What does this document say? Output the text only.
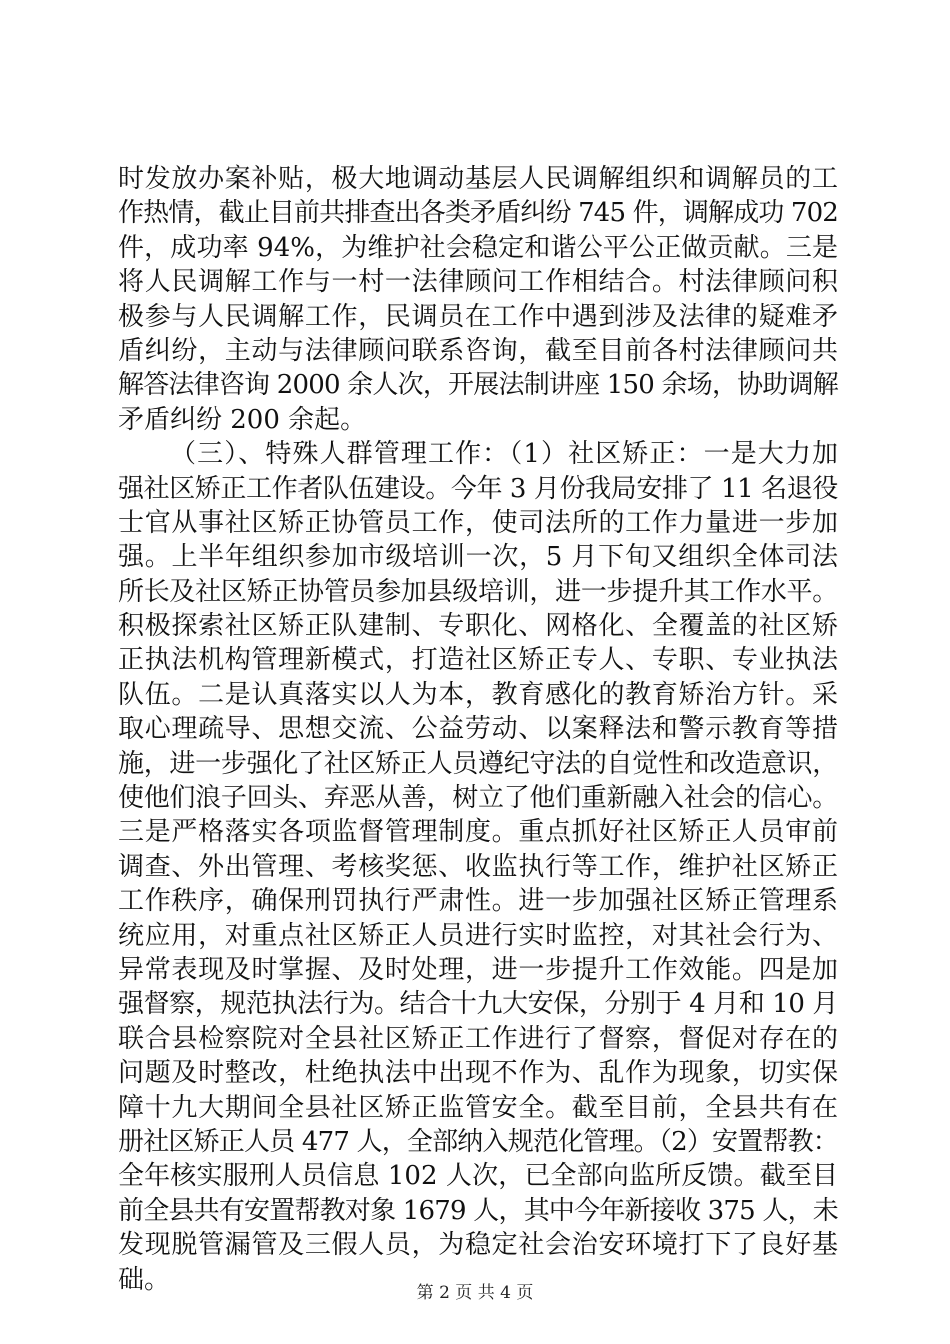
时发放办案补贴，极大地调动基层人民调解组织和调解员的工
作热情，截止目前共排查出各类矛盾纠纷 745 件，调解成功 702
件，成功率 94%，为维护社会稳定和谐公平公正做贡献。三是
将人民调解工作与一村一法律顾问工作相结合。村法律顾问积
极参与人民调解工作，民调员在工作中遇到涉及法律的疑难矛
盾纠纷，主动与法律顾问联系咨询，截至目前各村法律顾问共
解答法律咨询 2000 余人次，开展法制讲座 150 余场，协助调解
矛盾纠纷 200 余起。
（三）、特殊人群管理工作：（1）社区矫正：一是大力加
强社区矫正工作者队伍建设。今年 3 月份我局安排了 11 名退役
士官从事社区矫正协管员工作，使司法所的工作力量进一步加
强。上半年组织参加市级培训一次，5 月下旬又组织全体司法
所长及社区矫正协管员参加县级培训，进一步提升其工作水平。
积极探索社区矫正队建制、专职化、网格化、全覆盖的社区矫
正执法机构管理新模式，打造社区矫正专人、专职、专业执法
队伍。二是认真落实以人为本，教育感化的教育矫治方针。采
取心理疏导、思想交流、公益劳动、以案释法和警示教育等措
施，进一步强化了社区矫正人员遵纪守法的自觉性和改造意识，
使他们浪子回头、弃恶从善，树立了他们重新融入社会的信心。
三是严格落实各项监督管理制度。重点抓好社区矫正人员审前
调查、外出管理、考核奖惩、收监执行等工作，维护社区矫正
工作秩序，确保刑罚执行严肃性。进一步加强社区矫正管理系
统应用，对重点社区矫正人员进行实时监控，对其社会行为、
异常表现及时掌握、及时处理，进一步提升工作效能。四是加
强督察，规范执法行为。结合十九大安保，分别于 4 月和 10 月
联合县检察院对全县社区矫正工作进行了督察，督促对存在的
问题及时整改，杜绝执法中出现不作为、乱作为现象，切实保
障十九大期间全县社区矫正监管安全。截至目前，全县共有在
册社区矫正人员 477 人，全部纳入规范化管理。（2）安置帮教：
全年核实服刑人员信息 102 人次，已全部向监所反馈。截至目
前全县共有安置帮教对象 1679 人，其中今年新接收 375 人，未
发现脱管漏管及三假人员，为稳定社会治安环境打下了良好基
础。	第 2 页 共 4 页
